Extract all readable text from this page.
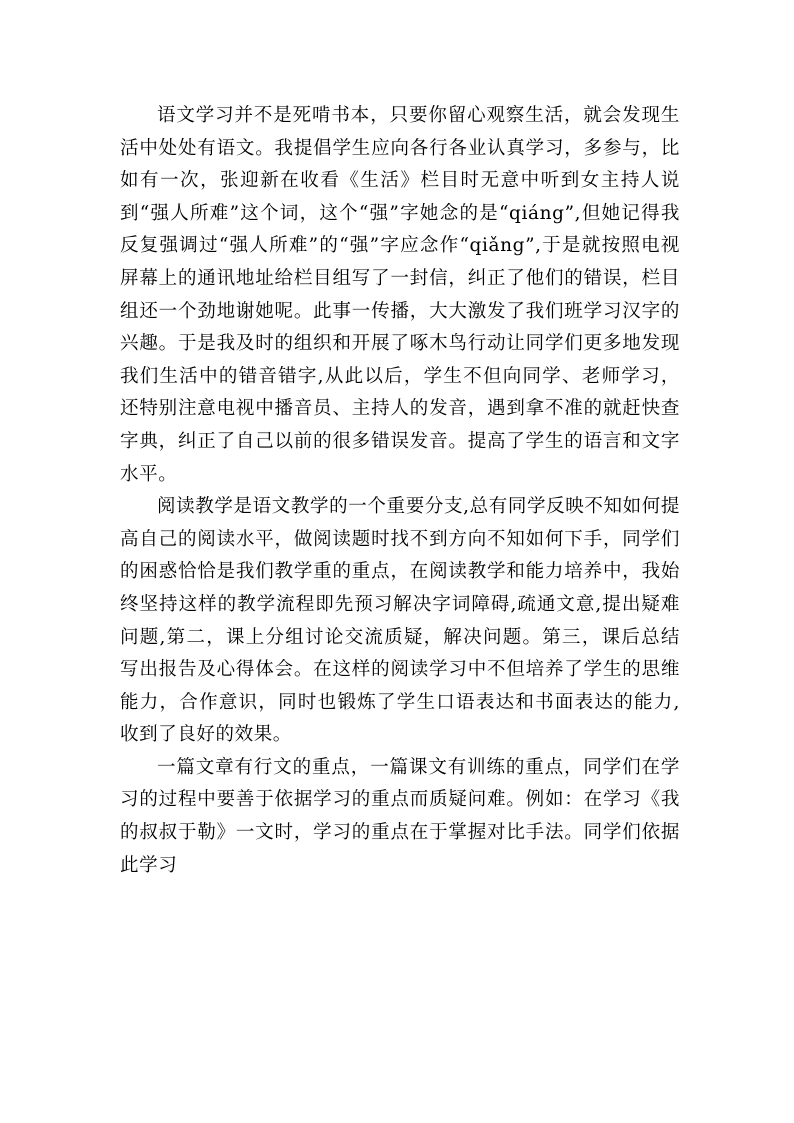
语文学习并不是死啃书本，只要你留心观察生活，就会发现生活中处处有语文。我提倡学生应向各行各业认真学习，多参与，比如有一次，张迎新在收看《生活》栏目时无意中听到女主持人说到“强人所难”这个词，这个“强”字她念的是“qiáng”,但她记得我反复强调过“强人所难”的“强”字应念作“qiǎng”,于是就按照电视屏幕上的通讯地址给栏目组写了一封信，纠正了他们的错误，栏目组还一个劲地谢她呢。此事一传播，大大激发了我们班学习汉字的兴趣。于是我及时的组织和开展了啄木鸟行动让同学们更多地发现我们生活中的错音错字,从此以后，学生不但向同学、老师学习，还特别注意电视中播音员、主持人的发音，遇到拿不准的就赶快查字典，纠正了自己以前的很多错误发音。提高了学生的语言和文字水平。

阅读教学是语文教学的一个重要分支,总有同学反映不知如何提高自己的阅读水平，做阅读题时找不到方向不知如何下手，同学们的困惑恰恰是我们教学重的重点，在阅读教学和能力培养中，我始终坚持这样的教学流程即先预习解决字词障碍,疏通文意,提出疑难问题,第二，课上分组讨论交流质疑，解决问题。第三，课后总结写出报告及心得体会。在这样的阅读学习中不但培养了学生的思维能力，合作意识，同时也锻炼了学生口语表达和书面表达的能力,收到了良好的效果。

一篇文章有行文的重点，一篇课文有训练的重点，同学们在学习的过程中要善于依据学习的重点而质疑问难。例如：在学习《我的叔叔于勒》一文时，学习的重点在于掌握对比手法。同学们依据此学习
